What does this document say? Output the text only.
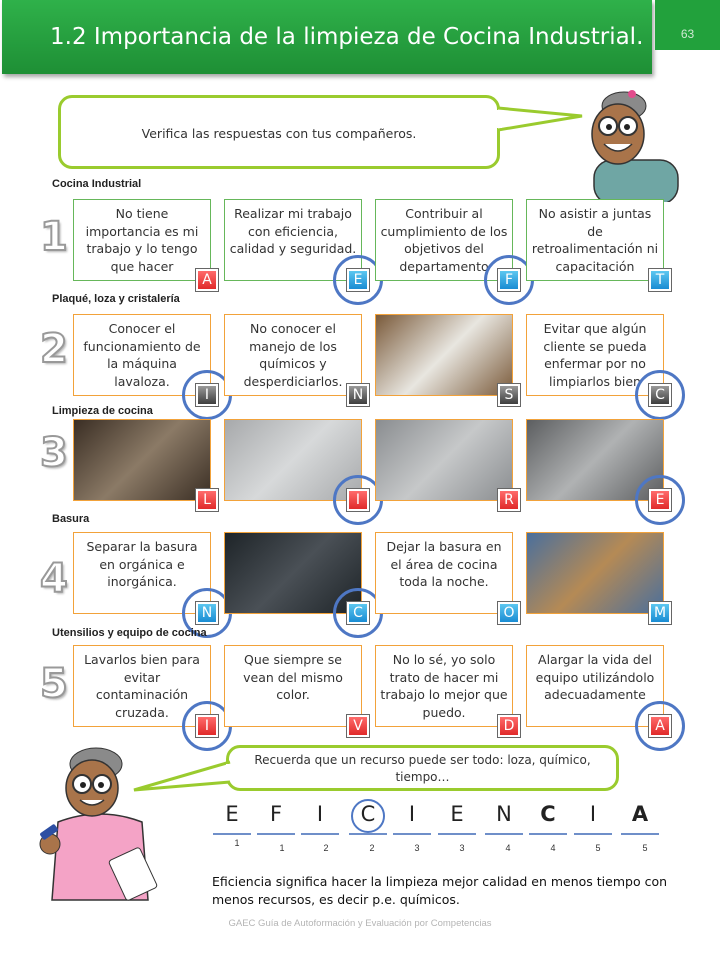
1.2 Importancia de la limpieza de Cocina Industrial.	63
Verifica las respuestas con tus compañeros.
1
Cocina Industrial
No tiene importancia es mi trabajo y lo tengo que hacer
A
Realizar mi trabajo con eficiencia, calidad y seguridad.
E
Contribuir al cumplimiento de los objetivos del departamento
F
No asistir a juntas de retroalimentación ni capacitación
T
2
Plaqué, loza y cristalería
Conocer el funcionamiento de la máquina lavaloza.
I
No conocer el manejo de los químicos y desperdiciarlos.
N	S
Evitar que algún cliente se pueda enfermar por no limpiarlos bien
C
3
Limpieza de cocina
L	I	R	E
4
Basura
Separar la basura en orgánica e inorgánica.
N	C
Dejar la basura en el área de cocina toda la noche.
O	M
5
Utensilios y equipo de cocina
Lavarlos bien para evitar contaminación cruzada.
I
Que siempre se vean del mismo color.
V
No lo sé, yo solo trato de hacer mi trabajo lo mejor que puedo.
D
Alargar la vida del equipo utilizándolo adecuadamente
A
Recuerda que un recurso puede ser todo: loza, químico, tiempo…
E
1
F
1
I
2
C
2
I
3
E
3
N
4
C
4
I
5
A
5
Eficiencia significa hacer la limpieza mejor calidad en menos tiempo con menos recursos, es decir p.e. químicos.
GAEC Guía de Autoformación y Evaluación por Competencias
